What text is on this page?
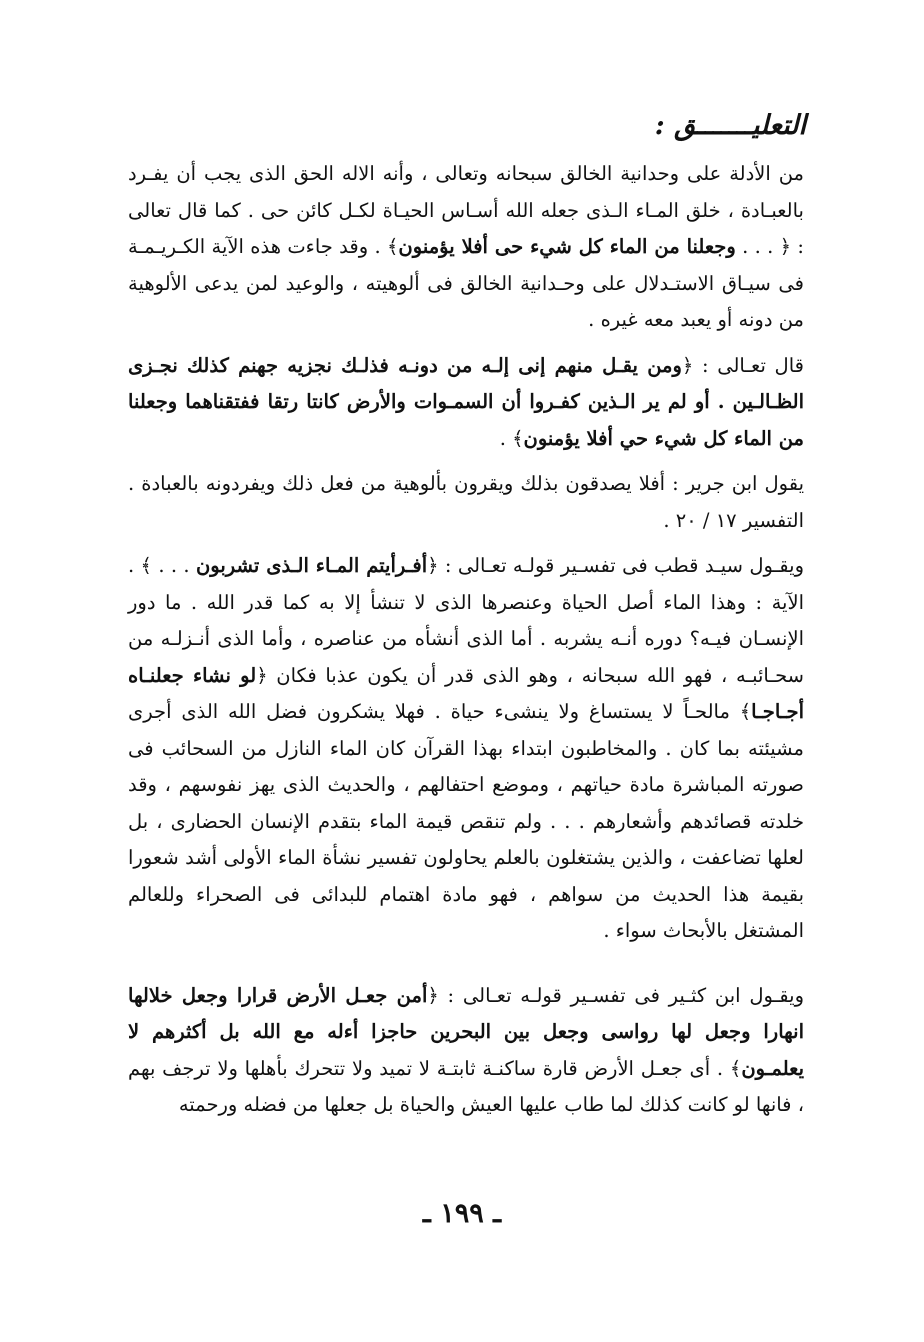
التعليـــــــق :

من الأدلة على وحدانية الخالق سبحانه وتعالى ، وأنه الاله الحق الذى يجب أن يفـرد بالعبـادة ، خلق المـاء الـذى جعله الله أسـاس الحيـاة لكـل كائن حى . كما قال تعالى : ﴿ . . . وجعلنا من الماء كل شيء حى أفلا يؤمنون﴾ . وقد جاءت هذه الآية الكـريـمـة فى سيـاق الاستـدلال على وحـدانية الخالق فى ألوهيته ، والوعيد لمن يدعى الألوهية من دونه أو يعبد معه غيره .

قال تعـالى : ﴿ومن يقـل منهم إنى إلـه من دونـه فذلـك نجزيه جهنم كذلك نجـزى الظـالـين . أو لم ير الـذين كفـروا أن السمـوات والأرض كانتا رتقا ففتقناهما وجعلنا من الماء كل شيء حي أفلا يؤمنون﴾ .

يقول ابن جرير : أفلا يصدقون بذلك ويقرون بألوهية من فعل ذلك ويفردونه بالعبادة . التفسير ١٧ / ٢٠ .

ويقـول سيـد قطب فى تفسـير قولـه تعـالى : ﴿أفـرأيتم المـاء الـذى تشربون . . . ﴾ . الآية : وهذا الماء أصل الحياة وعنصرها الذى لا تنشأ إلا به كما قدر الله . ما دور الإنسـان فيـه؟ دوره أنـه يشربه . أما الذى أنشأه من عناصره ، وأما الذى أنـزلـه من سحـائبـه ، فهو الله سبحانه ، وهو الذى قدر أن يكون عذبا فكان ﴿لو نشاء جعلنـاه أجـاجـا﴾ مالحـاً لا يستساغ ولا ينشىء حياة . فهلا يشكرون فضل الله الذى أجرى مشيئته بما كان . والمخاطبون ابتداء بهذا القرآن كان الماء النازل من السحائب فى صورته المباشرة مادة حياتهم ، وموضع احتفالهم ، والحديث الذى يهز نفوسهم ، وقد خلدته قصائدهم وأشعارهم . . . ولم تنقص قيمة الماء بتقدم الإنسان الحضارى ، بل لعلها تضاعفت ، والذين يشتغلون بالعلم يحاولون تفسير نشأة الماء الأولى أشد شعورا بقيمة هذا الحديث من سواهم ، فهو مادة اهتمام للبدائى فى الصحراء وللعالم المشتغل بالأبحاث سواء .

ويقـول ابن كثـير فى تفسـير قولـه تعـالى : ﴿أمن جعـل الأرض قرارا وجعل خلالها انهارا وجعل لها رواسى وجعل بين البحرين حاجزا أءله مع الله بل أكثرهم لا يعلمـون﴾ . أى جعـل الأرض قارة ساكنـة ثابتـة لا تميد ولا تتحرك بأهلها ولا ترجف بهم ، فانها لو كانت كذلك لما طاب عليها العيش والحياة بل جعلها من فضله ورحمته

ـ ١٩٩ ـ
